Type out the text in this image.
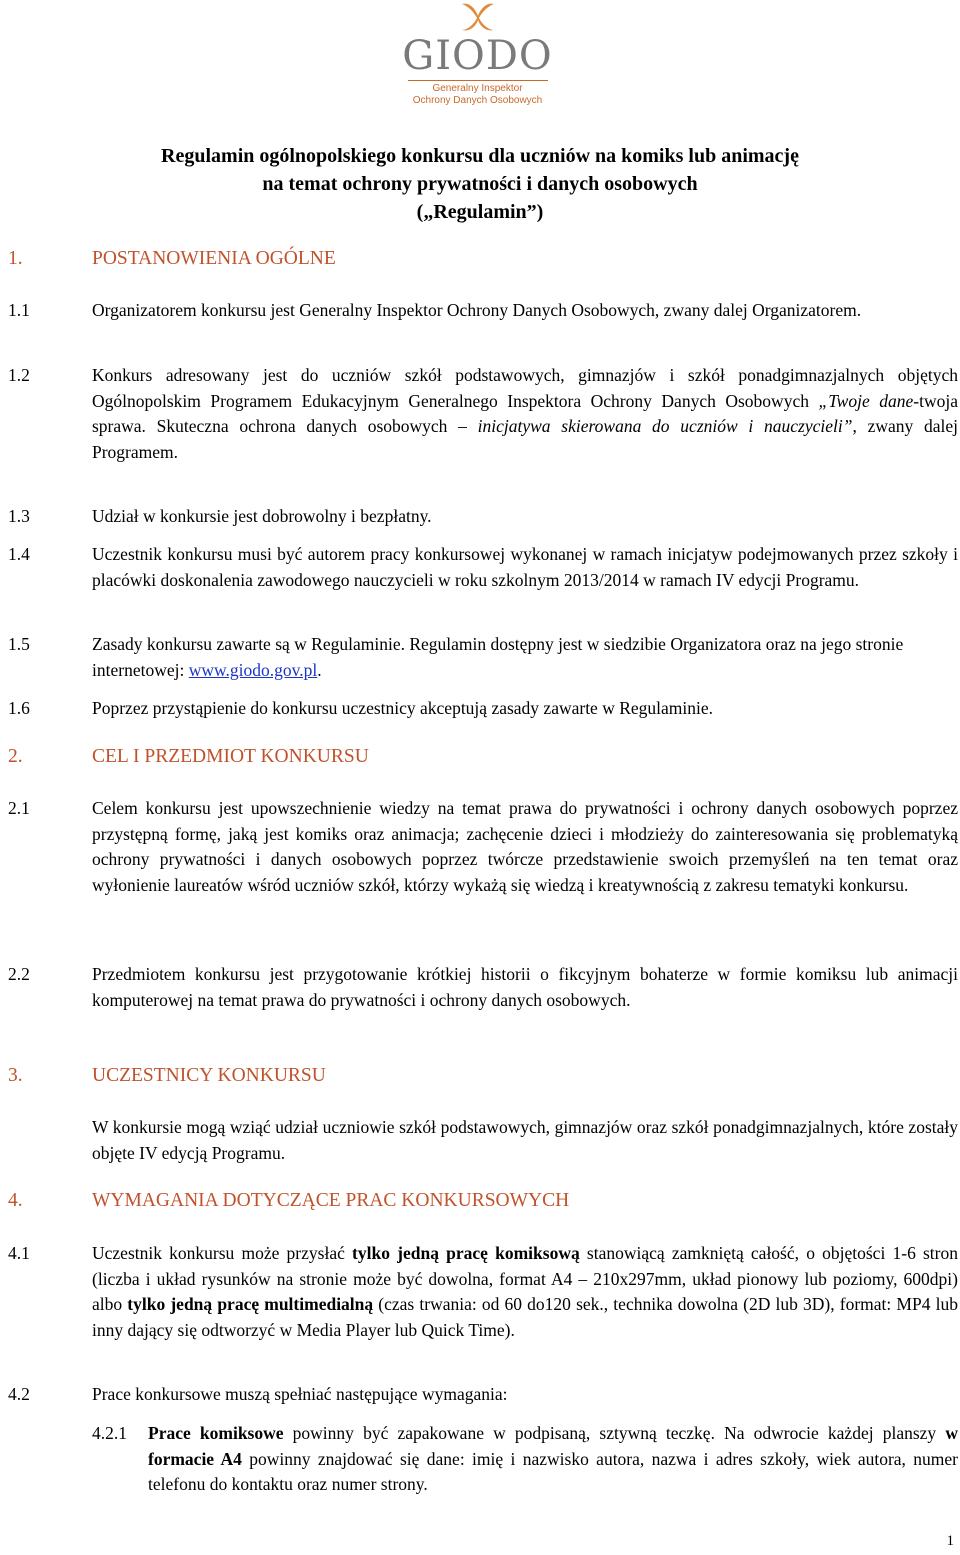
GIODO
Generalny Inspektor
Ochrony Danych Osobowych
Regulamin ogólnopolskiego konkursu dla uczniów na komiks lub animację
na temat ochrony prywatności i danych osobowych
(„Regulamin”)
1.	POSTANOWIENIA OGÓLNE
1.1	Organizatorem konkursu jest Generalny Inspektor Ochrony Danych Osobowych, zwany dalej Organizatorem.
1.2	Konkurs adresowany jest do uczniów szkół podstawowych, gimnazjów i szkół ponadgimnazjalnych objętych Ogólnopolskim Programem Edukacyjnym Generalnego Inspektora Ochrony Danych Osobowych „Twoje dane-twoja sprawa. Skuteczna ochrona danych osobowych – inicjatywa skierowana do uczniów i nauczycieli”, zwany dalej Programem.
1.3	Udział w konkursie jest dobrowolny i bezpłatny.
1.4	Uczestnik konkursu musi być autorem pracy konkursowej wykonanej w ramach inicjatyw podejmowanych przez szkoły i placówki doskonalenia zawodowego nauczycieli w roku szkolnym 2013/2014 w ramach IV edycji Programu.
1.5	Zasady konkursu zawarte są w Regulaminie. Regulamin dostępny jest w siedzibie Organizatora oraz na jego stronie internetowej: www.giodo.gov.pl.
1.6	Poprzez przystąpienie do konkursu uczestnicy akceptują zasady zawarte w Regulaminie.
2.	CEL I PRZEDMIOT KONKURSU
2.1	Celem konkursu jest upowszechnienie wiedzy na temat prawa do prywatności i ochrony danych osobowych poprzez przystępną formę, jaką jest komiks oraz animacja; zachęcenie dzieci i młodzieży do zainteresowania się problematyką ochrony prywatności i danych osobowych poprzez twórcze przedstawienie swoich przemyśleń na ten temat oraz wyłonienie laureatów wśród uczniów szkół, którzy wykażą się wiedzą i kreatywnością z zakresu tematyki konkursu.
2.2	Przedmiotem konkursu jest przygotowanie krótkiej historii o fikcyjnym bohaterze w formie komiksu lub animacji komputerowej na temat prawa do prywatności i ochrony danych osobowych.
3.	UCZESTNICY KONKURSU
W konkursie mogą wziąć udział uczniowie szkół podstawowych, gimnazjów oraz szkół ponadgimnazjalnych, które zostały objęte IV edycją Programu.
4.	WYMAGANIA DOTYCZĄCE PRAC KONKURSOWYCH
4.1	Uczestnik konkursu może przysłać tylko jedną pracę komiksową stanowiącą zamkniętą całość, o objętości 1-6 stron (liczba i układ rysunków na stronie może być dowolna, format A4 – 210x297mm, układ pionowy lub poziomy, 600dpi) albo tylko jedną pracę multimedialną (czas trwania: od 60 do120 sek., technika dowolna (2D lub 3D), format: MP4 lub inny dający się odtworzyć w Media Player lub Quick Time).
4.2	Prace konkursowe muszą spełniać następujące wymagania:
4.2.1 Prace komiksowe powinny być zapakowane w podpisaną, sztywną teczkę. Na odwrocie każdej planszy w formacie A4 powinny znajdować się dane: imię i nazwisko autora, nazwa i adres szkoły, wiek autora, numer telefonu do kontaktu oraz numer strony.
1
